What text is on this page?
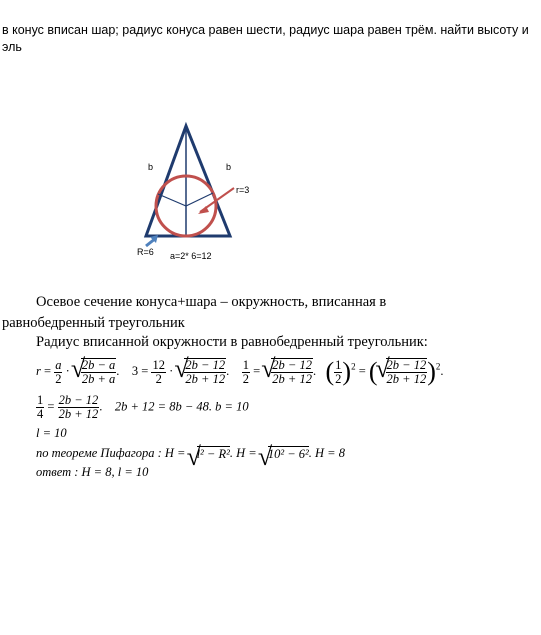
в конус вписан шар; радиус конуса равен шести, радиус шара равен трём. найти высоту и эль
b	b
r=3
R=6 a=2* 6=12
Осевое сечение конуса+шара – окружность, вписанная в
равнобедренный треугольник
Радиус вписанной окружности в равнобедренный треугольник:
$r = \frac{a}{2}$ · √ $\frac{2b - a}{2b + a}$ .    $3 = \frac{12}{2}$ · √ $\frac{2b - 12}{2b + 12}$ . $\frac{1}{2}$ = √ $\frac{2b - 12}{2b + 12}$ .   ( $\frac{1}{2} )^2$ = ( √ $\frac{2b - 12}{2b + 12} )^2$.
$\frac{1}{4} = \frac{2b - 12}{2b + 12}$ .    2b + 12 = 8b − 48. b = 10
l = 10
по теореме Пифагора : H = √ l² − R². H = √ 10² − 6². H = 8
ответ : H = 8, l = 10
